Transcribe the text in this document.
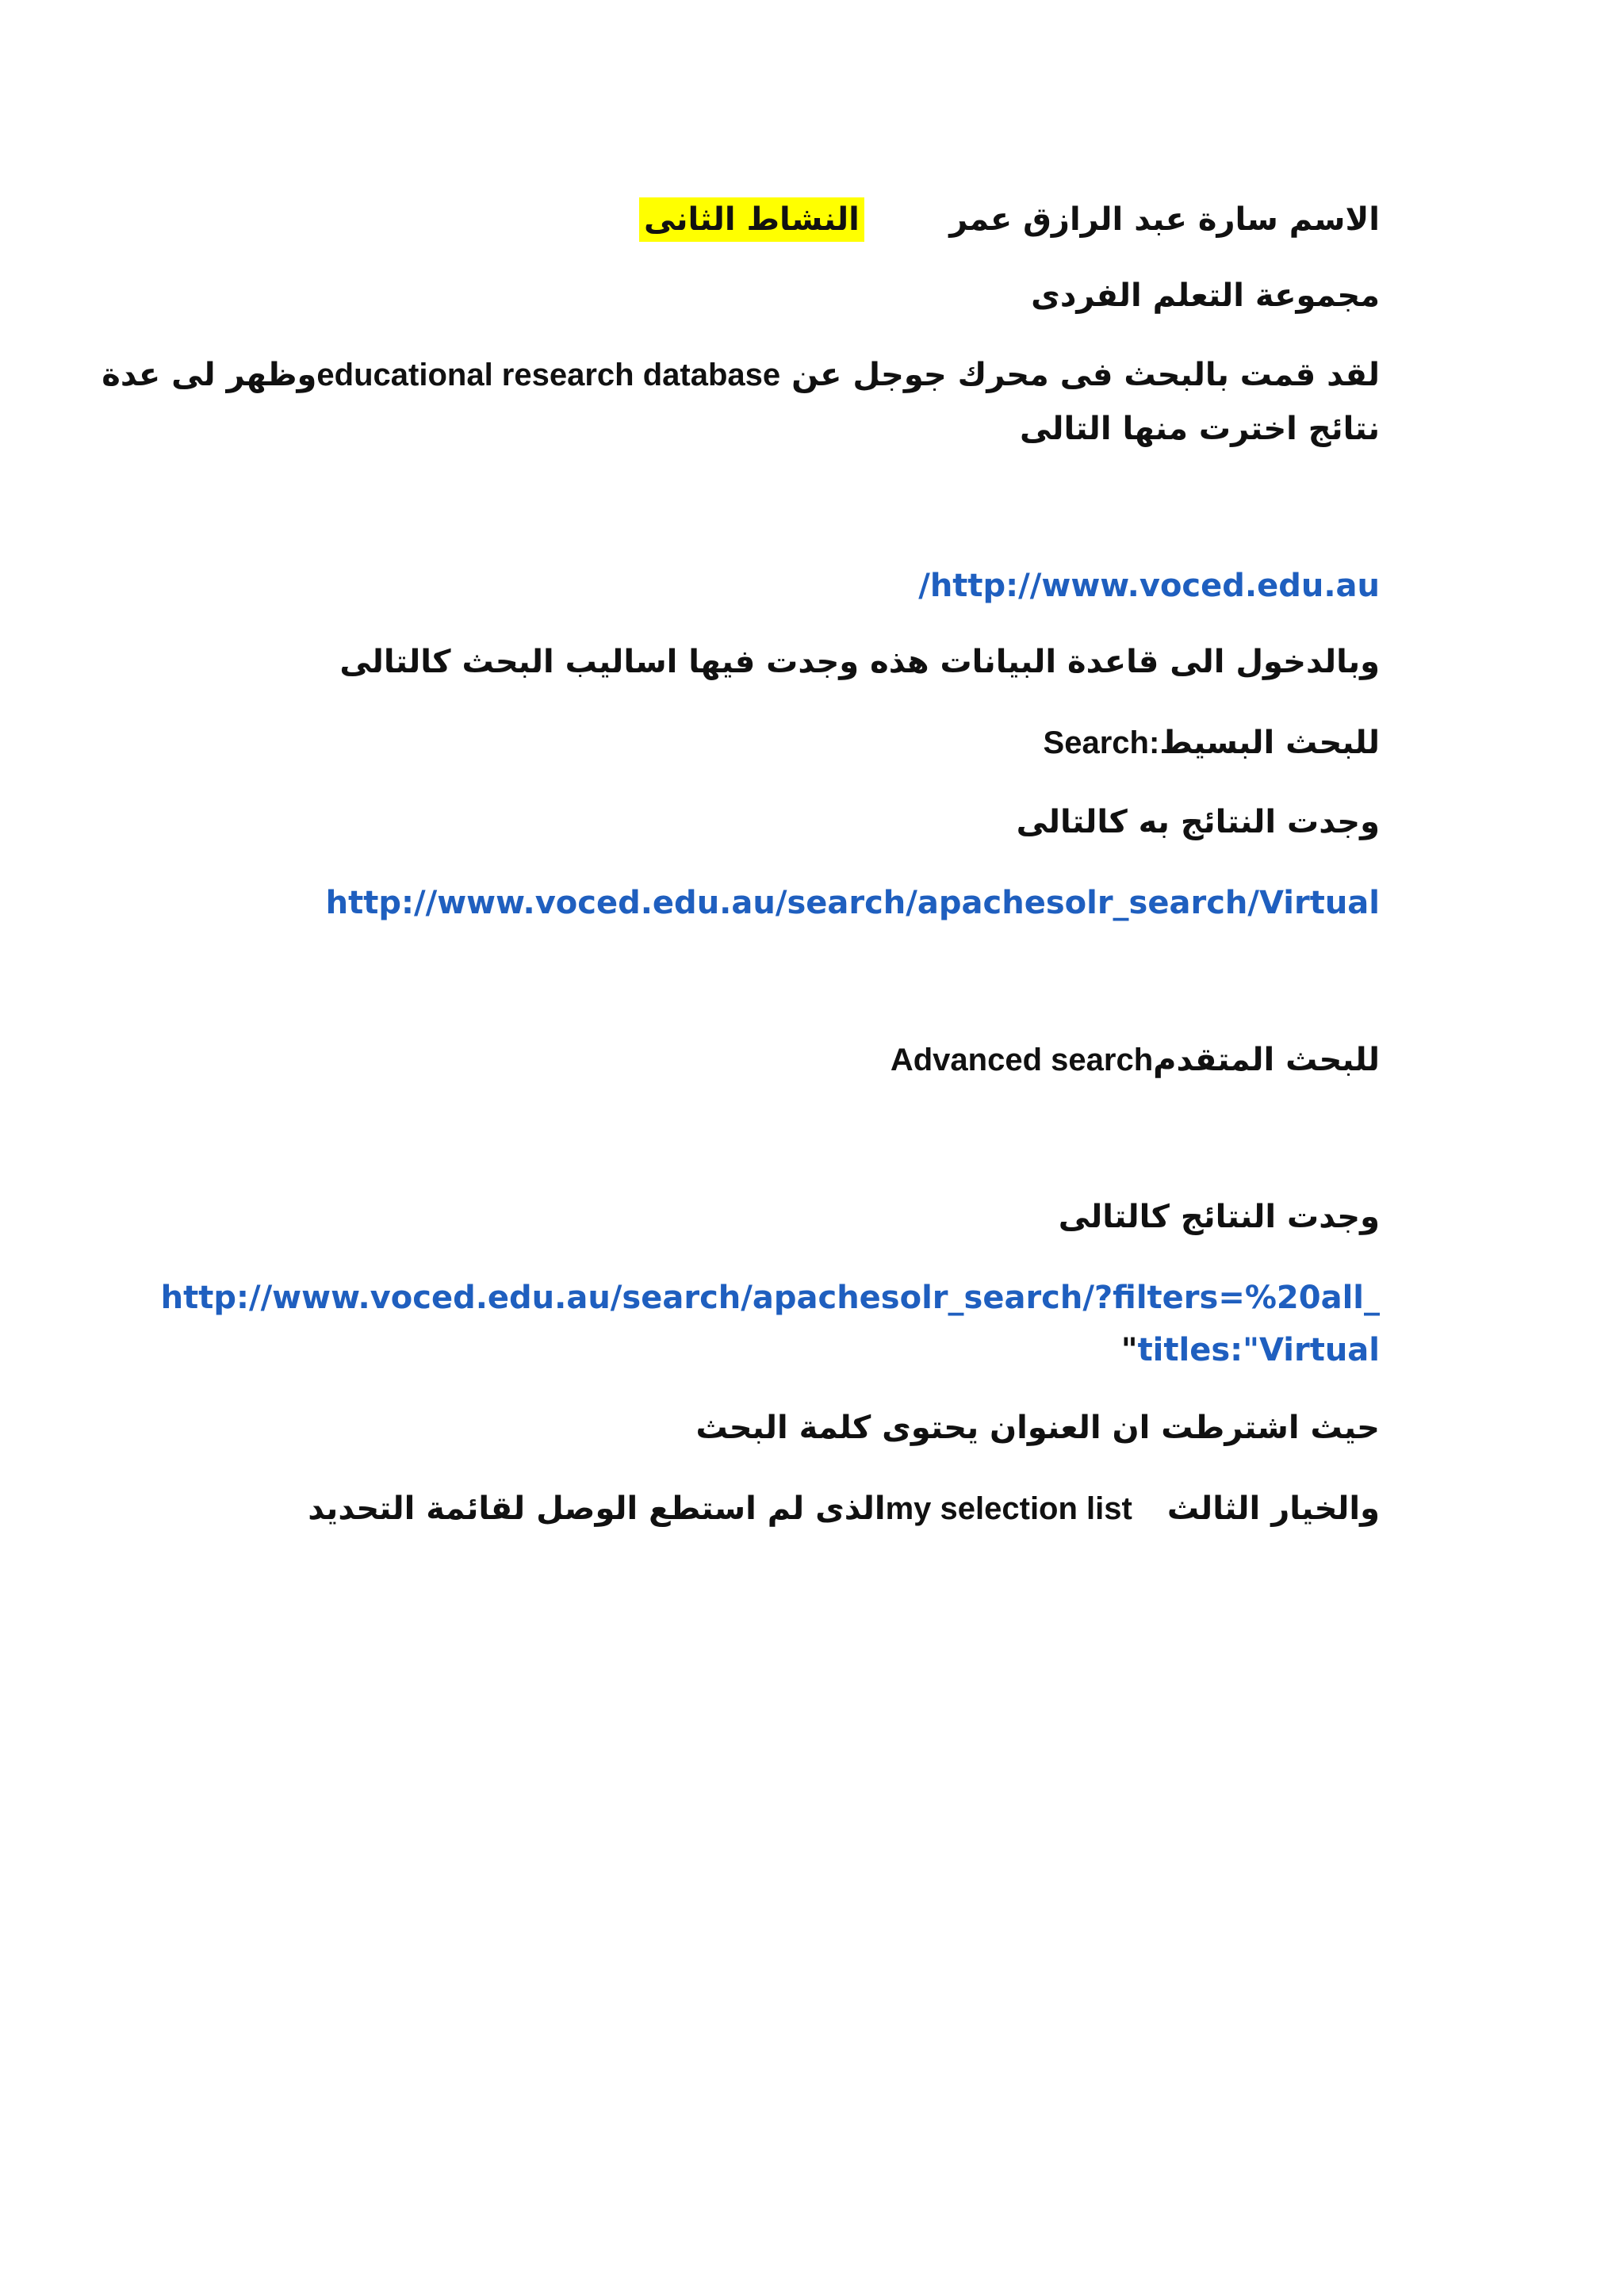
الاسم سارة عبد الرازق عمر
النشاط الثانى
مجموعة التعلم الفردى
لقد قمت بالبحث فى محرك جوجل عن educational research databaseوظهر لى عدة
نتائج اخترت منها التالى
/http://www.voced.edu.au
وبالدخول الى قاعدة البيانات هذه وجدت فيها اساليب البحث كالتالى
Search:للبحث البسيط
وجدت النتائج به كالتالى
http://www.voced.edu.au/search/apachesolr_search/Virtual
Advanced searchللبحث المتقدم
وجدت النتائج كالتالى
http://www.voced.edu.au/search/apachesolr_search/?filters=%20all_
"titles:"Virtual
حيث اشترطت ان العنوان يحتوى كلمة البحث
والخيار الثالثmy selection listالذى لم استطع الوصل لقائمة التحديد
